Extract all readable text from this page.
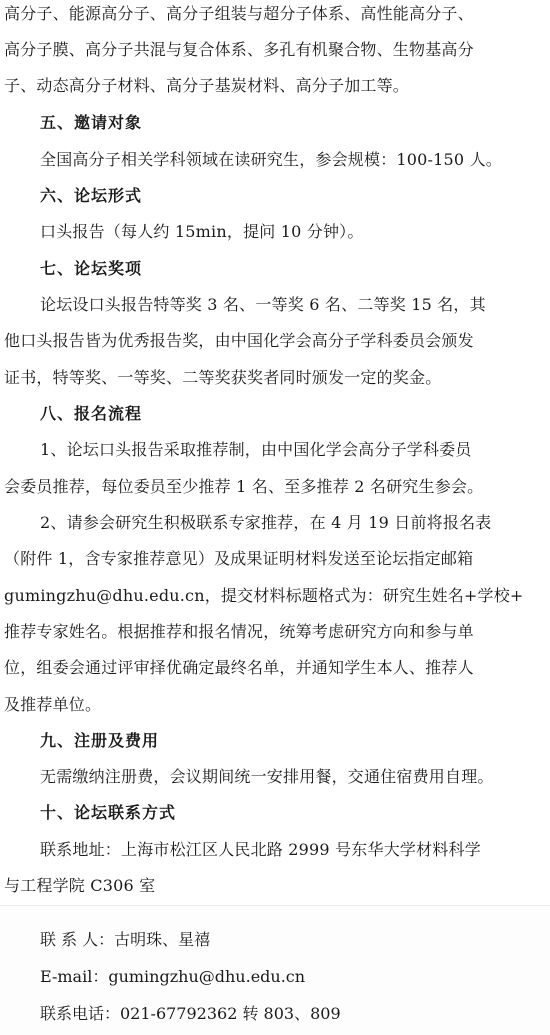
高分子、能源高分子、高分子组装与超分子体系、高性能高分子、
高分子膜、高分子共混与复合体系、多孔有机聚合物、生物基高分
子、动态高分子材料、高分子基炭材料、高分子加工等。
五、邀请对象
全国高分子相关学科领域在读研究生，参会规模：100-150 人。
六、论坛形式
口头报告（每人约 15min，提问 10 分钟）。
七、论坛奖项
论坛设口头报告特等奖 3 名、一等奖 6 名、二等奖 15 名，其
他口头报告皆为优秀报告奖，由中国化学会高分子学科委员会颁发
证书，特等奖、一等奖、二等奖获奖者同时颁发一定的奖金。
八、报名流程
1、论坛口头报告采取推荐制，由中国化学会高分子学科委员
会委员推荐，每位委员至少推荐 1 名、至多推荐 2 名研究生参会。
2、请参会研究生积极联系专家推荐，在 4 月 19 日前将报名表
（附件 1，含专家推荐意见）及成果证明材料发送至论坛指定邮箱
gumingzhu@dhu.edu.cn，提交材料标题格式为：研究生姓名+学校+
推荐专家姓名。根据推荐和报名情况，统筹考虑研究方向和参与单
位，组委会通过评审择优确定最终名单，并通知学生本人、推荐人
及推荐单位。
九、注册及费用
无需缴纳注册费，会议期间统一安排用餐，交通住宿费用自理。
十、论坛联系方式
联系地址：上海市松江区人民北路 2999 号东华大学材料科学
与工程学院 C306 室
联 系 人：古明珠、星禧
E-mail：gumingzhu@dhu.edu.cn
联系电话：021-67792362 转 803、809
